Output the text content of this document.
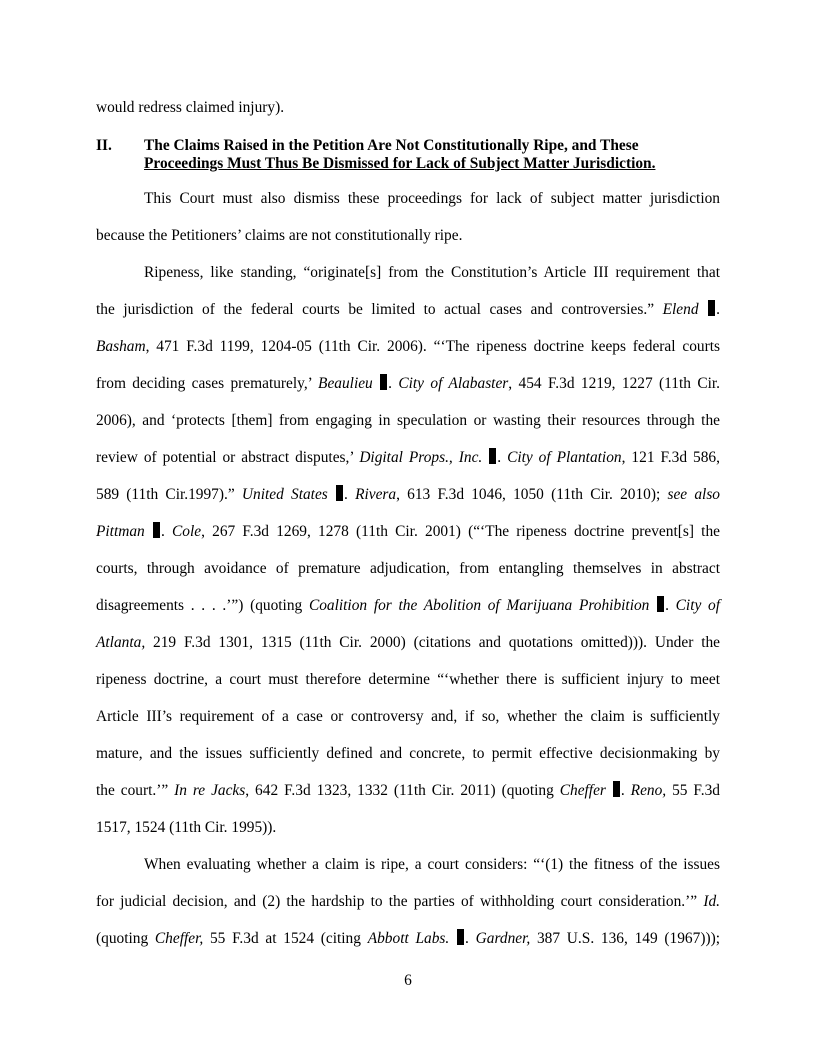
would redress claimed injury).
II. The Claims Raised in the Petition Are Not Constitutionally Ripe, and These
Proceedings Must Thus Be Dismissed for Lack of Subject Matter Jurisdiction.
This Court must also dismiss these proceedings for lack of subject matter jurisdiction
because the Petitioners’ claims are not constitutionally ripe.
Ripeness, like standing, “originate[s] from the Constitution’s Article III requirement that
the jurisdiction of the federal courts be limited to actual cases and controversies.” Elend .
Basham, 471 F.3d 1199, 1204-05 (11th Cir. 2006). “‘The ripeness doctrine keeps federal courts
from deciding cases prematurely,’ Beaulieu . City of Alabaster, 454 F.3d 1219, 1227 (11th Cir.
2006), and ‘protects [them] from engaging in speculation or wasting their resources through the
review of potential or abstract disputes,’ Digital Props., Inc. . City of Plantation, 121 F.3d 586,
589 (11th Cir.1997).” United States . Rivera, 613 F.3d 1046, 1050 (11th Cir. 2010); see also
Pittman . Cole, 267 F.3d 1269, 1278 (11th Cir. 2001) (“‘The ripeness doctrine prevent[s] the
courts, through avoidance of premature adjudication, from entangling themselves in abstract
disagreements . . . .’”) (quoting Coalition for the Abolition of Marijuana Prohibition . City of
Atlanta, 219 F.3d 1301, 1315 (11th Cir. 2000) (citations and quotations omitted))). Under the
ripeness doctrine, a court must therefore determine “‘whether there is sufficient injury to meet
Article III’s requirement of a case or controversy and, if so, whether the claim is sufficiently
mature, and the issues sufficiently defined and concrete, to permit effective decisionmaking by
the court.’” In re Jacks, 642 F.3d 1323, 1332 (11th Cir. 2011) (quoting Cheffer . Reno, 55 F.3d
1517, 1524 (11th Cir. 1995)).
When evaluating whether a claim is ripe, a court considers: “‘(1) the fitness of the issues
for judicial decision, and (2) the hardship to the parties of withholding court consideration.’” Id.
(quoting Cheffer, 55 F.3d at 1524 (citing Abbott Labs. . Gardner, 387 U.S. 136, 149 (1967)));
6
